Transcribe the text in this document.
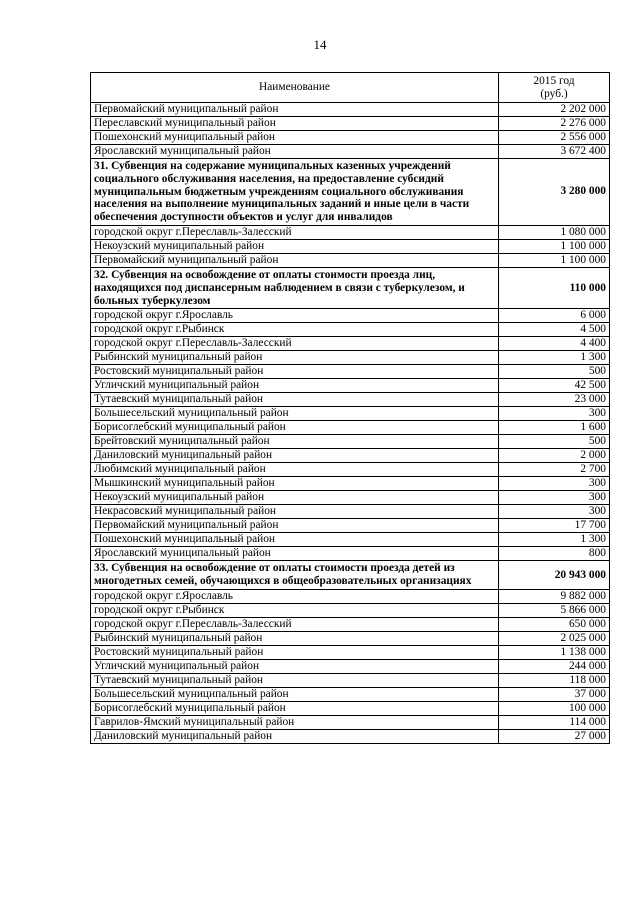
14
Наименование	2015 год
(руб.)
Первомайский муниципальный район	2 202 000
Переславский муниципальный район	2 276 000
Пошехонский муниципальный район	2 556 000
Ярославский муниципальный район	3 672 400
31. Субвенция на содержание муниципальных казенных учреждений социального обслуживания населения, на предоставление субсидий муниципальным бюджетным учреждениям социального обслуживания населения на выполнение муниципальных заданий и иные цели в части обеспечения доступности объектов и услуг для инвалидов	3 280 000
городской округ г.Переславль-Залесский	1 080 000
Некоузский муниципальный район	1 100 000
Первомайский муниципальный район	1 100 000
32. Субвенция на освобождение от оплаты стоимости проезда лиц, находящихся под диспансерным наблюдением в связи с туберкулезом, и больных туберкулезом	110 000
городской округ г.Ярославль	6 000
городской округ г.Рыбинск	4 500
городской округ г.Переславль-Залесский	4 400
Рыбинский муниципальный район	1 300
Ростовский муниципальный район	500
Угличский муниципальный район	42 500
Тутаевский муниципальный район	23 000
Большесельский муниципальный район	300
Борисоглебский муниципальный район	1 600
Брейтовский муниципальный район	500
Даниловский муниципальный район	2 000
Любимский муниципальный район	2 700
Мышкинский муниципальный район	300
Некоузский муниципальный район	300
Некрасовский муниципальный район	300
Первомайский муниципальный район	17 700
Пошехонский муниципальный район	1 300
Ярославский муниципальный район	800
33. Субвенция на освобождение от оплаты стоимости проезда детей из многодетных семей, обучающихся в общеобразовательных организациях	20 943 000
городской округ г.Ярославль	9 882 000
городской округ г.Рыбинск	5 866 000
городской округ г.Переславль-Залесский	650 000
Рыбинский муниципальный район	2 025 000
Ростовский муниципальный район	1 138 000
Угличский муниципальный район	244 000
Тутаевский муниципальный район	118 000
Большесельский муниципальный район	37 000
Борисоглебский муниципальный район	100 000
Гаврилов-Ямский муниципальный район	114 000
Даниловский муниципальный район	27 000
